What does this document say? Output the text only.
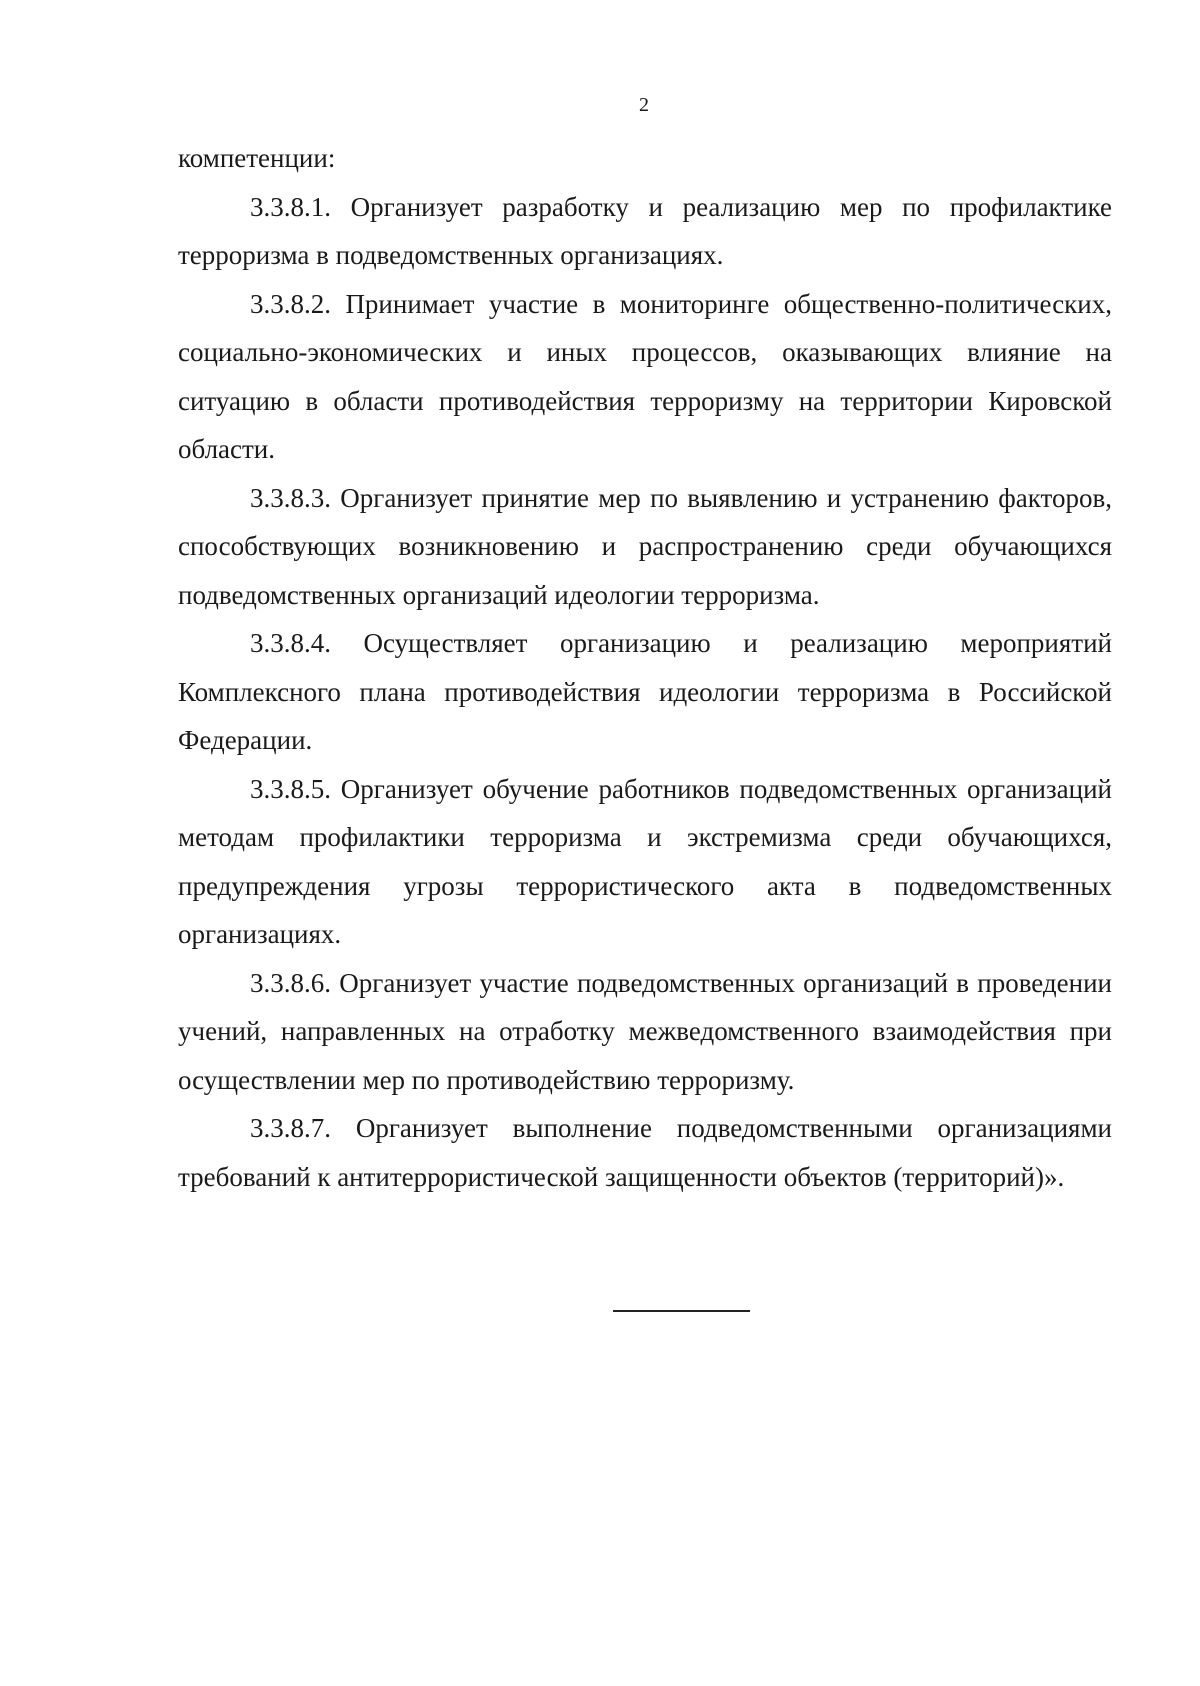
2

компетенции:

3.3.8.1. Организует разработку и реализацию мер по профилактике терроризма в подведомственных организациях.

3.3.8.2. Принимает участие в мониторинге общественно-политических, социально-экономических и иных процессов, оказывающих влияние на ситуацию в области противодействия терроризму на территории Кировской области.

3.3.8.3. Организует принятие мер по выявлению и устранению факторов, способствующих возникновению и распространению среди обучающихся подведомственных организаций идеологии терроризма.

3.3.8.4. Осуществляет организацию и реализацию мероприятий Комплексного плана противодействия идеологии терроризма в Российской Федерации.

3.3.8.5. Организует обучение работников подведомственных организаций методам профилактики терроризма и экстремизма среди обучающихся, предупреждения угрозы террористического акта в подведомственных организациях.

3.3.8.6. Организует участие подведомственных организаций в проведении учений, направленных на отработку межведомственного взаимодействия при осуществлении мер по противодействию терроризму.

3.3.8.7. Организует выполнение подведомственными организациями требований к антитеррористической защищенности объектов (территорий)».
